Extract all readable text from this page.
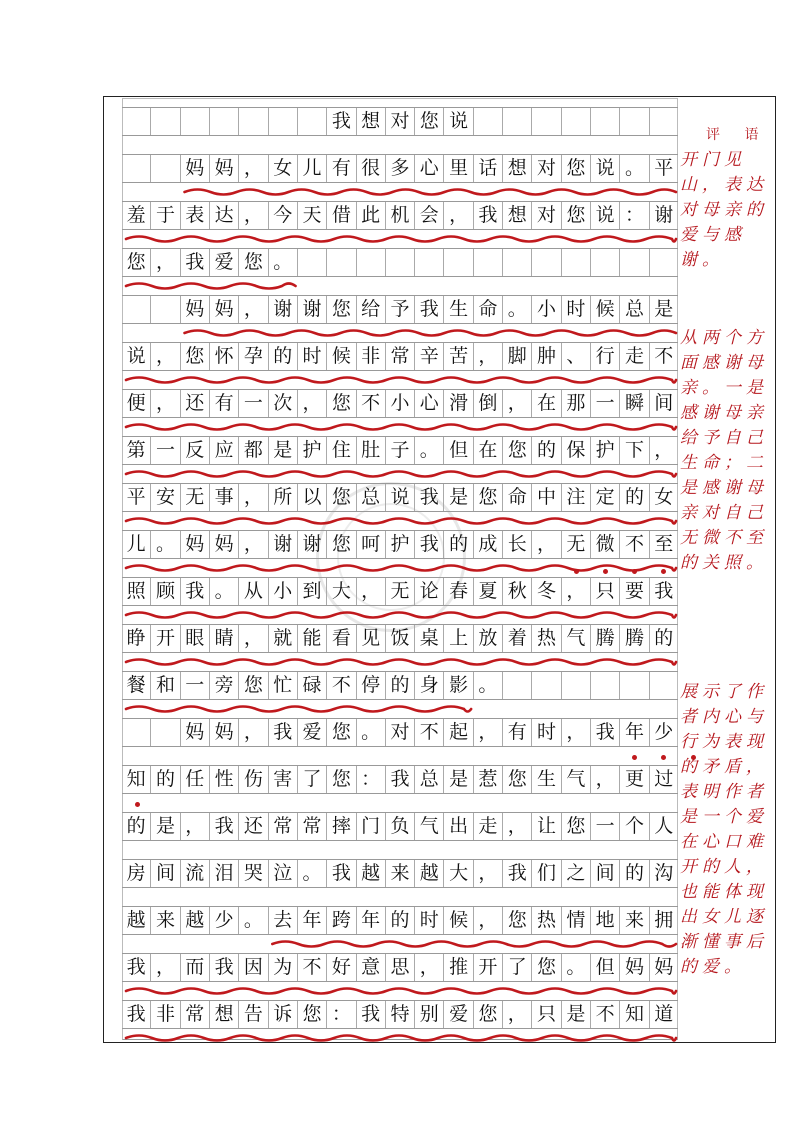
我 想 对 您 说
妈 妈 ， 女 儿 有 很 多 心 里 话 想 对 您 说 。 平
羞 于 表 达 ， 今 天 借 此 机 会 ， 我 想 对 您 说 ： 谢
您 ， 我 爱 您 。
妈 妈 ， 谢 谢 您 给 予 我 生 命 。 小 时 候 总 是
说 ， 您 怀 孕 的 时 候 非 常 辛 苦 ， 脚 肿 、 行 走 不
便 ， 还 有 一 次 ， 您 不 小 心 滑 倒 ， 在 那 一 瞬 间
第 一 反 应 都 是 护 住 肚 子 。 但 在 您 的 保 护 下 ，
平 安 无 事 ， 所 以 您 总 说 我 是 您 命 中 注 定 的 女
儿 。 妈 妈 ， 谢 谢 您 呵 护 我 的 成 长 ， 无 微 不 至
照 顾 我 。 从 小 到 大 ， 无 论 春 夏 秋 冬 ， 只 要 我
睁 开 眼 睛 ， 就 能 看 见 饭 桌 上 放 着 热 气 腾 腾 的
餐 和 一 旁 您 忙 碌 不 停 的 身 影 。
妈 妈 ， 我 爱 您 。 对 不 起 ， 有 时 ， 我 年 少
知 的 任 性 伤 害 了 您 ： 我 总 是 惹 您 生 气 ， 更 过
的 是 ， 我 还 常 常 摔 门 负 气 出 走 ， 让 您 一 个 人
房 间 流 泪 哭 泣 。 我 越 来 越 大 ， 我 们 之 间 的 沟
越 来 越 少 。 去 年 跨 年 的 时 候 ， 您 热 情 地 来 拥
我 ， 而 我 因 为 不 好 意 思 ， 推 开 了 您 。 但 妈 妈
我 非 常 想 告 诉 您 ： 我 特 别 爱 您 ， 只 是 不 知 道
评 语
开门见山，表达对母亲的爱与感谢。
从两个方面感谢母亲。一是感谢母亲给予自己生命；二是感谢母亲对自己无微不至的关照。
展示了作者内心与行为表现的矛盾，表明作者是一个爱在心口难开的人，也能体现出女儿逐渐懂事后的爱。
